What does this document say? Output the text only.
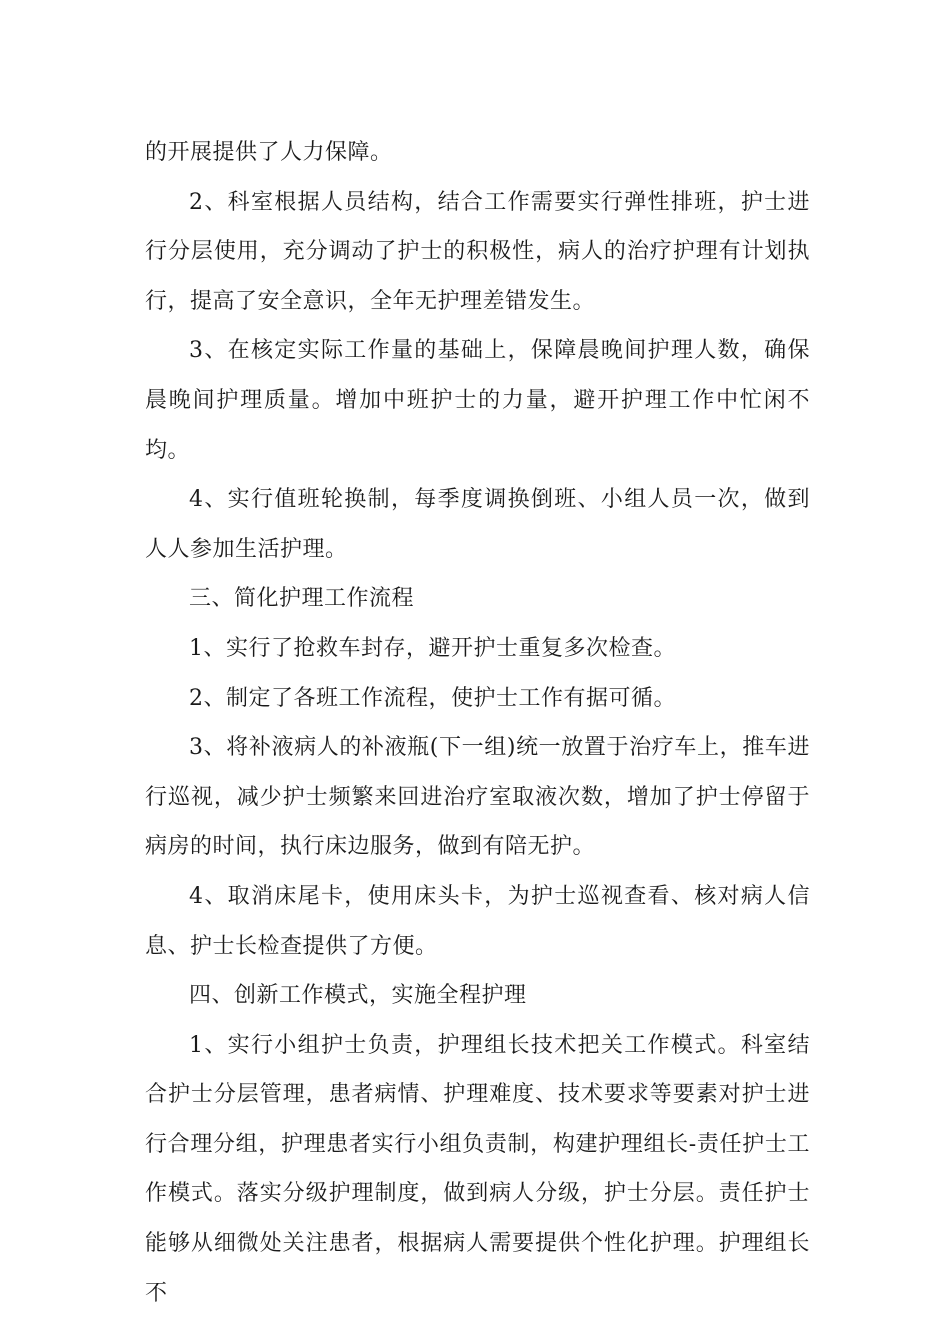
的开展提供了人力保障。

2、科室根据人员结构，结合工作需要实行弹性排班，护士进行分层使用，充分调动了护士的积极性，病人的治疗护理有计划执行，提高了安全意识，全年无护理差错发生。

3、在核定实际工作量的基础上，保障晨晚间护理人数，确保晨晚间护理质量。增加中班护士的力量，避开护理工作中忙闲不均。

4、实行值班轮换制，每季度调换倒班、小组人员一次，做到人人参加生活护理。

三、简化护理工作流程

1、实行了抢救车封存，避开护士重复多次检查。

2、制定了各班工作流程，使护士工作有据可循。

3、将补液病人的补液瓶(下一组)统一放置于治疗车上，推车进行巡视，减少护士频繁来回进治疗室取液次数，增加了护士停留于病房的时间，执行床边服务，做到有陪无护。

4、取消床尾卡，使用床头卡，为护士巡视查看、核对病人信息、护士长检查提供了方便。

四、创新工作模式，实施全程护理

1、实行小组护士负责，护理组长技术把关工作模式。科室结合护士分层管理，患者病情、护理难度、技术要求等要素对护士进行合理分组，护理患者实行小组负责制，构建护理组长-责任护士工作模式。落实分级护理制度，做到病人分级，护士分层。责任护士能够从细微处关注患者，根据病人需要提供个性化护理。护理组长不
